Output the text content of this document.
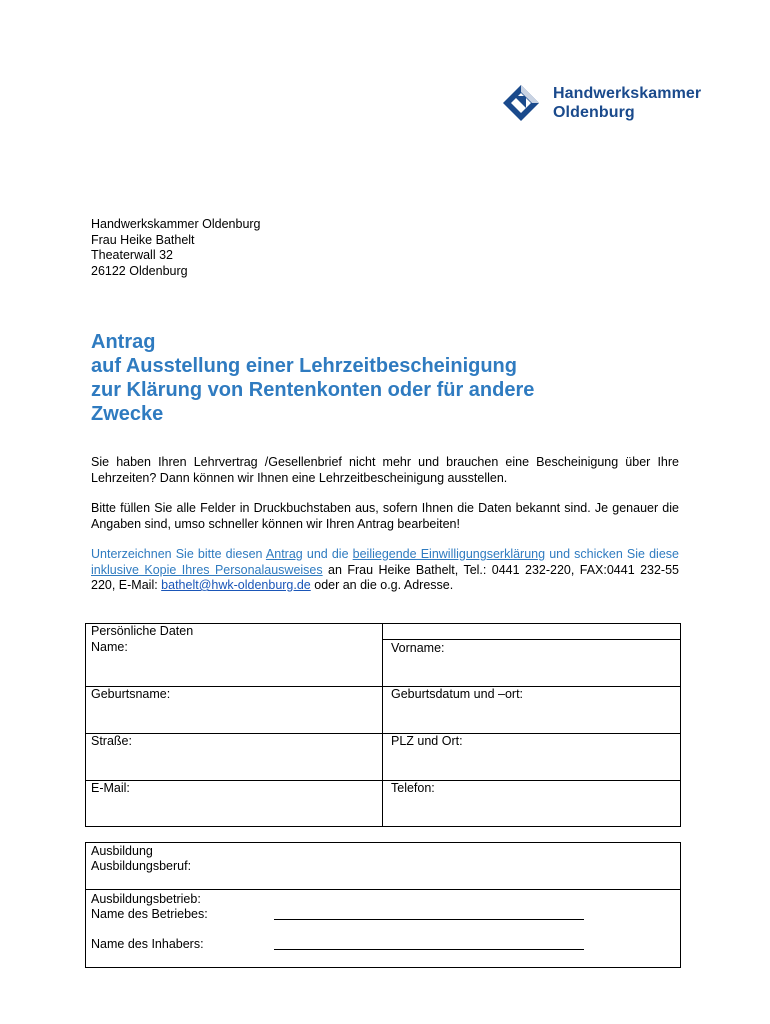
Handwerkskammer
Oldenburg
Handwerkskammer Oldenburg
Frau Heike Bathelt
Theaterwall 32
26122 Oldenburg
Antrag
auf Ausstellung einer Lehrzeitbescheinigung
zur Klärung von Rentenkonten oder für andere
Zwecke
Sie haben Ihren Lehrvertrag /Gesellenbrief nicht mehr und brauchen eine Bescheinigung über Ihre Lehrzeiten? Dann können wir Ihnen eine Lehrzeitbescheinigung ausstellen.
Bitte füllen Sie alle Felder in Druckbuchstaben aus, sofern Ihnen die Daten bekannt sind. Je genauer die Angaben sind, umso schneller können wir Ihren Antrag bearbeiten!
Unterzeichnen Sie bitte diesen Antrag und die beiliegende Einwilligungserklärung und schicken Sie diese inklusive Kopie Ihres Personalausweises an Frau Heike Bathelt, Tel.: 0441 232-220, FAX:0441 232-55 220, E-Mail: bathelt@hwk-oldenburg.de oder an die o.g. Adresse.
Persönliche Daten
Name:	Vorname:
Geburtsname:	Geburtsdatum und –ort:
Straße:	PLZ und Ort:
E-Mail:	Telefon:
Ausbildung
Ausbildungsberuf:
Ausbildungsbetrieb:
Name des Betriebes:
Name des Inhabers:
